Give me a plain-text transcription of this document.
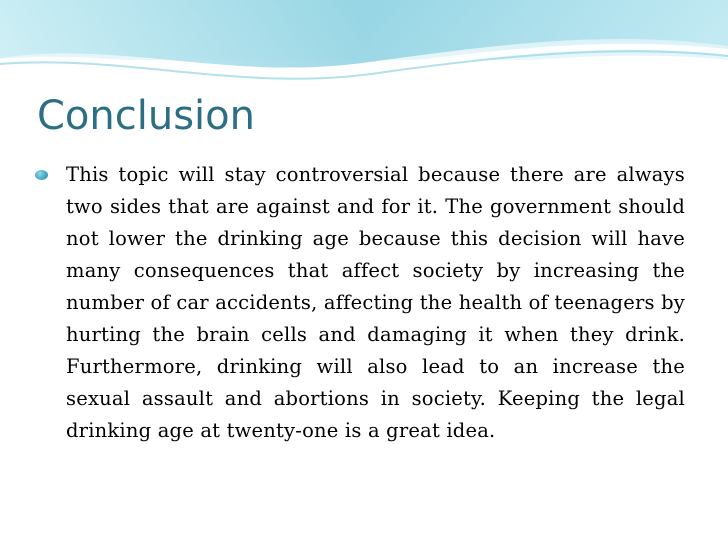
Conclusion

This topic will stay controversial because there are always two sides that are against and for it. The government should not lower the drinking age because this decision will have many consequences that affect society by increasing the number of car accidents, affecting the health of teenagers by hurting the brain cells and damaging it when they drink. Furthermore, drinking will also lead to an increase the sexual assault and abortions in society. Keeping the legal drinking age at twenty-one is a great idea.
